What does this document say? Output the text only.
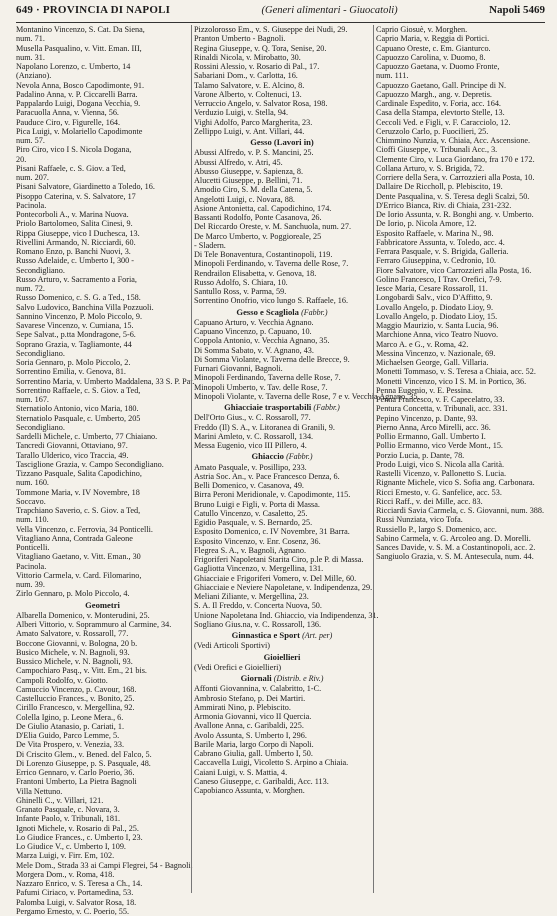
649 · PROVINCIA DI NAPOLI	(Generi alimentari - Giuocatoli)	Napoli 5469
Montanino Vincenzo, S. Cat. Da Siena,
num. 71.
Musella Pasqualino, v. Vitt. Eman. III,
num. 31.
Napolano Lorenzo, c. Umberto, 14
(Anziano).
Nevola Anna, Bosco Capodimonte, 91.
Padalino Anna, v. P. Ciccarelli Barra.
Pappalardo Luigi, Dogana Vecchia, 9.
Paracuolla Anna, v. Vienna, 56.
Pauduce Ciro, v. Figurelle, 164.
Pica Luigi, v. Molariello Capodimonte
num. 57.
Piro Ciro, vico I S. Nicola Dogana,
20.
Pisani Raffaele, c. S. Giov. a Ted,
num. 207.
Pisani Salvatore, Giardinetto a Toledo, 16.
Pisoppo Caterina, v. S. Salvatore, 17
Pacinola.
Pontecorboli A., v. Marina Nuova.
Priolo Bartolomeo, Salita Cinesi, 9.
Rippa Giuseppe, vico I Duchesca, 13.
Rivellini Armando, N. Ricciardi, 60.
Romano Enzo, p. Banchi Nuovi, 3.
Russo Adelaide, c. Umberto I, 300 -
Secondigliano.
Russo Arturo, v. Sacramento a Foria,
num. 72.
Russo Domenico, c. S. G. a Ted., 158.
Salvo Ludovico, Banchina Villa Pozzuoli.
Sannino Vincenzo, P. Molo Piccolo, 9.
Savarese Vincenzo, v. Cumiana, 15.
Sepe Salvat., p.tta Mondragone, 5-6.
Soprano Grazia, v. Tagliamonte, 44
Secondigliano.
Soria Gennaro, p. Molo Piccolo, 2.
Sorrentino Emilia, v. Genova, 81.
Sorrentino Maria, v. Umberto Maddalena, 33 S. P. Pat.
Sorrentino Raffaele, c. S. Giov. a Ted,
num. 167.
Sternatiolo Antonio, vico Maria, 180.
Sternatiolo Pasquale, c. Umberto, 205
Secondigliano.
Sardelli Michele, c. Umberto, 77 Chiaiano.
Tancredi Giovanni, Ottaviano, 97.
Tarallo Ulderico, vico Traccia, 49.
Tasciglione Grazia, v. Campo Secondigliano.
Tizzano Pasquale, Salita Capodichino,
num. 160.
Tommone Maria, v. IV Novembre, 18
Soccavo.
Trapchiano Saverio, c. S. Giov. a Ted,
num. 110.
Vella Vincenzo, c. Ferrovia, 34 Ponticelli.
Vitagliano Anna, Contrada Galeone
Ponticelli.
Vitagliano Gaetano, v. Vitt. Eman., 30
Pacinola.
Vittorio Carmela, v. Card. Filomarino,
num. 39.
Zirlo Gennaro, p. Molo Piccolo, 4.
Geometri
Albarella Domenico, v. Monterudini, 25.
Alberi Vittorio, v. Soprammuro al Carmine, 34.
Amato Salvatore, v. Rossaroll, 77.
Boccone Giovanni, v. Bologna, 20 b.
Busico Michele, v. N. Bagnoli, 93.
Bussico Michele, v. N. Bagnoli, 93.
Campochiaro Pasq., v. Vitt. Em., 21 bis.
Campoli Rodolfo, v. Giotto.
Camuccio Vincenzo, p. Cavour, 168.
Castelluccio Frances., v. Bonito, 25.
Cirillo Francesco, v. Mergellina, 92.
Colella Igino, p. Leone Mera., 6.
De Giulio Atanasio, p. Cariati, 1.
D'Elia Guido, Parco Lemme, 5.
De Vita Prospero, v. Venezia, 33.
Di Criscito Glem., v. Bened. del Falco, 5.
Di Lorenzo Giuseppe, p. S. Pasquale, 48.
Errico Gennaro, v. Carlo Poerio, 36.
Frantoni Umberto, La Pietra Bagnoli
Villa Nettuno.
Ghinelli C., v. Villari, 121.
Granato Pasquale, c. Novara, 3.
Infante Paolo, v. Tribunali, 181.
Ignoti Michele, v. Rosario di Pal., 25.
Lo Giudice Frances., c. Umberto I, 23.
Lo Giudice V., c. Umberto I, 109.
Marza Luigi, v. Firr. Em, 102.
Mele Dom., Strada 33 ai Campi Flegrei, 54 - Bagnoli.
Morgera Dom., v. Roma, 418.
Nazzaro Enrico, v. S. Teresa a Ch., 14.
Pafumi Ciriaco, v. Portamedina, 53.
Palomba Luigi, v. Salvator Rosa, 18.
Pergamo Ernesto, v. C. Poerio, 55.
Pizzolorosso Em., v. S. Giuseppe dei Nudi, 29.
Pranton Umberto - Bagnoli.
Regina Giuseppe, v. Q. Tora, Senise, 20.
Rinaldi Nicola, v. Mirobatto, 30.
Rossini Alessio, v. Rosario di Pal., 17.
Sabariani Dom., v. Carlotta, 16.
Talamo Salvatore, v. E. Alcino, 8.
Varone Alberto, v. Coltenuci, 13.
Verruccio Angelo, v. Salvator Rosa, 198.
Verduzio Luigi, v. Stella, 94.
Vighi Adolfo, Parco Margherita, 23.
Zellippo Luigi, v. Ant. Villari, 44.
Gesso (Lavori in)
Abussi Alfredo, v. P. S. Mancini, 25.
Abussi Alfredo, v. Atri, 45.
Abusso Giuseppe, v. Sapienza, 8.
Alucetti Giuseppe, p. Bellini, 71.
Amodio Ciro, S. M. della Catena, 5.
Angelotti Luigi, c. Novara, 88.
Asione Antonietta, cal. Capodichino, 174.
Bassanti Rodolfo, Ponte Casanova, 26.
Del Riccardo Oreste, v. M. Sanchuola, num. 27.
De Marco Umberto, v. Poggioreale, 25
- Sladern.
Di Tele Bonaventura, Costantinopoli, 119.
Minopoli Ferdinando, v. Taverna delle Rose, 7.
Rendrailon Elisabetta, v. Genova, 18.
Russo Adolfo, S. Chiara, 10.
Santullo Ross, v. Parma, 59.
Sorrentino Onofrio, vico lungo S. Raffaele, 16.
Gesso e Scagliola (Fabbr.)
Capuano Arturo, v. Vecchia Agnano.
Capuano Vincenzo, p. Capuano, 10.
Coppola Antonio, v. Vecchia Agnano, 35.
Di Somma Sabato, v. V. Agnano, 43.
Di Somma Violante, v. Taverna delle Brecce, 9.
Furnari Giovanni, Bagnoli.
Minopoli Ferdinando, Taverna delle Rose, 7.
Minopoli Umberto, v. Tav. delle Rose, 7.
Minopoli Violante, v. Taverna delle Rose, 7 e v. Vecchia Agnano, 35.
Ghiacciaie trasportabili (Fabbr.)
Dell'Orto Gius., v. C. Rossaroll, 77.
Freddo (Il) S. A., v. Litoranea di Granili, 9.
Marini Amleto, v. C. Rossaroll, 134.
Messa Eugenio, vico III Pillero, 4.
Ghiaccio (Fabbr.)
Amato Pasquale, v. Posillipo, 233.
Astria Soc. An., v. Pace Francesco Denza, 6.
Belli Domenico, v. Casanova, 49.
Birra Peroni Meridionale, v. Capodimonte, 115.
Bruno Luigi e Figli, v. Porta di Massa.
Catullo Vincenzo, v. Casaletto, 25.
Egidio Pasquale, v. S. Bernardo, 25.
Esposito Domenico, c. IV Novembre, 31 Barra.
Esposito Vincenzo, v. Enr. Cosenz, 36.
Flegrea S. A., v. Bagnoli, Agnano.
Frigoriferi Napoletani Starita Ciro, p.le P. di Massa.
Gagliotta Vincenzo, v. Mergellina, 131.
Ghiacciaie e Frigoriferi Vomero, v. Del Mille, 60.
Ghiacciaie e Neviere Napoletane, v. Indipendenza, 29.
Meliani Ziliante, v. Mergellina, 23.
S. A. Il Freddo, v. Concerta Nuova, 50.
Unione Napoletana Ind. Ghiaccio, via Indipendenza, 31.
Sogliano Gius.na, v. C. Rossaroll, 136.
Ginnastica e Sport (Art. per)
(Vedi Articoli Sportivi)
Gioiellieri
(Vedi Orefici e Gioiellieri)
Giornali (Distrib. e Riv.)
Affonti Giovannina, v. Calabritto, 1-C.
Ambrosio Stefano, p. Dei Martiri.
Ammirati Nino, p. Plebiscito.
Armonia Giovanni, vico II Quercia.
Avallone Anna, c. Garibaldi, 225.
Avolo Assunta, S. Umberto I, 296.
Barile Maria, largo Corpo di Napoli.
Cabrano Giulia, gall. Umberto I, 50.
Caccavella Luigi, Vicoletto S. Arpino a Chiaia.
Caiani Luigi, v. S. Mattia, 4.
Caneso Giuseppe, c. Garibaldi, Acc. 113.
Capobianco Assunta, v. Morghen.
Caprio Giosuè, v. Morghen.
Caprio Maria, v. Reggia di Portici.
Capuano Oreste, c. Em. Gianturco.
Capuozzo Carolina, v. Duomo, 8.
Capuozzo Gaetana, v. Duomo Fronte,
num. 111.
Capuozzo Gaetano, Gall. Principe di N.
Capuozzo Margh., ang. v. Depretis.
Cardinale Espedito, v. Foria, acc. 164.
Casa della Stampa, elevtorto Stelle, 13.
Ceccoli Ved. e Figli, v. F. Caracciolo, 12.
Ceruzzolo Carlo, p. Fuocilieri, 25.
Chimmino Nunzia, v. Chiaia, Acc. Ascensione.
Cioffi Giuseppe, v. Tribunali Acc., 3.
Clemente Ciro, v. Luca Giordano, fra 170 e 172.
Collana Arturo, v. S. Brigida, 72.
Corriere della Sera, v. Carrozzieri alla Posta, 10.
Dallaire De Riccholl, p. Plebiscito, 19.
Dente Pasqualina, v. S. Teresa degli Scalzi, 50.
D'Errico Bianca, Riv. di Chiaia, 231-232.
De Iorio Assunta, v. R. Bonghi ang. v. Umberto.
De Iorio, p. Nicola Amore, 12.
Esposito Raffaele, v. Marina N., 98.
Fabbricatore Assunta, v. Toledo, acc. 4.
Ferrara Pasquale, v. S. Brigida, Galleria.
Ferraro Giuseppina, v. Cedronio, 10.
Fiore Salvatore, vico Carrozzieri alla Posta, 16.
Golino Francesco, I Trav. Orefici, 7-9.
Iesce Maria, Cesare Rossaroll, 11.
Longobardi Salv., vico D'Affitto, 9.
Lovallo Angelo, p. Diodato Lioy, 9.
Lovallo Angelo, p. Diodato Lioy, 15.
Maggio Maurizio, v. Santa Lucia, 96.
Marchione Anna, vico Teatro Nuovo.
Marco A. e G., v. Roma, 42.
Messina Vincenzo, v. Nazionale, 69.
Michaelsen George, Gall. Villaria.
Monetti Tommaso, v. S. Teresa a Chiaia, acc. 52.
Monetti Vincenzo, vico I S. M. in Portico, 36.
Penna Eugenio, v. E. Pessina.
Penna Francesco, v. F. Capecelatro, 33.
Pentura Concetta, v. Tribunali, acc. 331.
Pepino Vincenzo, p. Dante, 93.
Pierno Anna, Arco Mirelli, acc. 36.
Pollio Ermanno, Gall. Umberto I.
Pollio Ermanno, vico Verde Mont., 15.
Porzio Lucia, p. Dante, 78.
Prodo Luigi, vico S. Nicola alla Carità.
Rastelli Vicenzo, v. Pallonetto S. Lucia.
Rignante Michele, vico S. Sofia ang. Carbonara.
Ricci Ernesto, v. G. Sanfelice, acc. 53.
Ricci Raff., v. dei Mille, acc. 83.
Ricciardi Savia Carmela, c. S. Giovanni, num. 388.
Russi Nunziata, vico Tofa.
Russiello P., largo S. Domenico, acc.
Sabino Carmela, v. G. Arcoleo ang. D. Morelli.
Sances Davide, v. S. M. a Costantinopoli, acc. 2.
Sangiuolo Grazia, v. S. M. Antesecula, num. 44.
